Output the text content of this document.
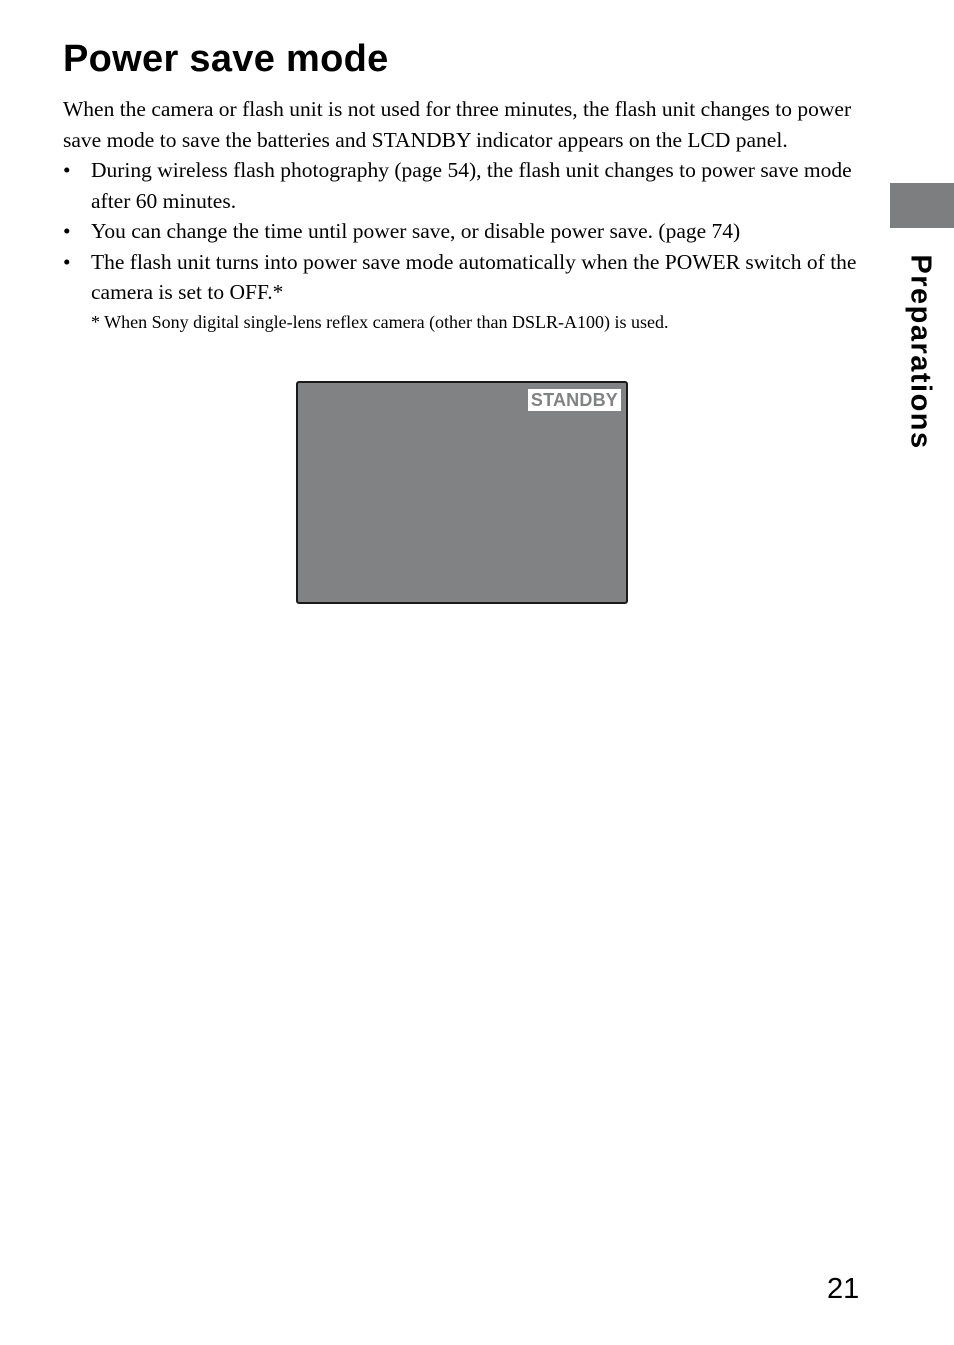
Power save mode

When the camera or flash unit is not used for three minutes, the flash unit changes to power save mode to save the batteries and STANDBY indicator appears on the LCD panel.

• During wireless flash photography (page 54), the flash unit changes to power save mode after 60 minutes.
• You can change the time until power save, or disable power save. (page 74)
• The flash unit turns into power save mode automatically when the POWER switch of the camera is set to OFF.*

* When Sony digital single-lens reflex camera (other than DSLR-A100) is used.

STANDBY	Preparations
21
